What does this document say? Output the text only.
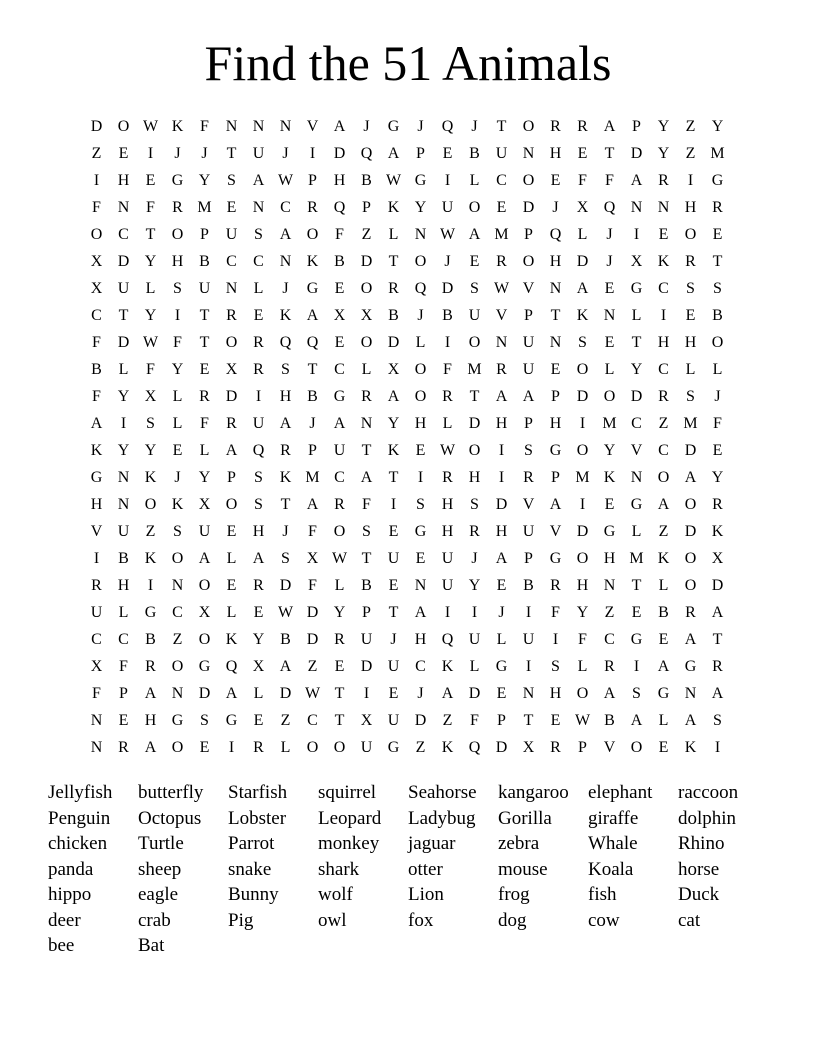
Find the 51 Animals
D O W K	F	N N N V A	J	G	J	Q	J	T	O R	R A	P	Y	Z	Y
Z	E	I	J	J	T	U	J	I	D Q A	P	E	B U N H	E	T	D Y	Z M
I	H	E	G Y	S	A W P	H B W G	I	L	C O	E	F	F	A R	I	G
F	N	F	R M E	N C	R Q	P	K Y U O	E	D	J	X Q N N H R
O C	T	O	P	U	S	A O	F	Z	L	N W A M P	Q	L	J	I	E	O	E
X D Y H B	C	C N K B D	T	O	J	E	R O H D	J	X K R	T
X U	L	S	U N	L	J	G	E	O R Q D	S W V N A	E	G C	S	S
C	T	Y	I	T	R	E	K A X X B	J	B U V	P	T	K N	L	I	E	B
F	D W F	T	O R Q Q	E	O D	L	I	O N U N	S	E	T	H H O
B	L	F	Y	E	X R	S	T	C	L	X O	F M R U	E	O	L	Y C	L	L
F	Y X	L	R D	I	H B G R A O R	T	A A	P	D O D R	S	J
A	I	S	L	F	R U A	J	A N Y H	L	D H	P	H	I	M C	Z M F
K Y Y	E	L	A Q R	P	U	T	K	E W O	I	S	G O Y V C D	E
G N K	J	Y	P	S	K M C A	T	I	R H	I	R	P M K N O A Y
H N O K X O	S	T	A R	F	I	S	H	S	D V A	I	E	G A O R
V U	Z	S	U	E	H	J	F	O	S	E	G H R H U V D G	L	Z	D K
I	B K O A	L	A	S	X W T	U	E	U	J	A	P	G O H M K O X
R H	I	N O	E	R D	F	L	B	E	N U Y	E	B	R H N	T	L	O D
U	L	G C X	L	E W D Y	P	T	A	I	I	J	I	F	Y	Z	E	B	R A
C	C	B	Z	O K Y B D R U	J	H Q U	L	U	I	F	C G	E	A	T
X	F	R O G Q X A	Z	E	D U C K	L	G	I	S	L	R	I	A G R
F	P	A N D A	L	D W T	I	E	J	A D	E	N H O A	S	G N A
N	E	H G	S	G	E	Z	C	T	X U D	Z	F	P	T	E W B A	L	A	S
N R A O	E	I	R	L	O O U G	Z	K Q D X R	P	V O	E	K	I
Jellyfish	butterfly	Starfish	squirrel	Seahorse	kangaroo	elephant	raccoon
Penguin	Octopus	Lobster	Leopard	Ladybug	Gorilla	giraffe	dolphin
chicken	Turtle	Parrot	monkey	jaguar	zebra	Whale	Rhino
panda	sheep	snake	shark	otter	mouse	Koala	horse
hippo	eagle	Bunny	wolf	Lion	frog	fish	Duck
deer	crab	Pig	owl	fox	dog	cow	cat
bee	Bat
